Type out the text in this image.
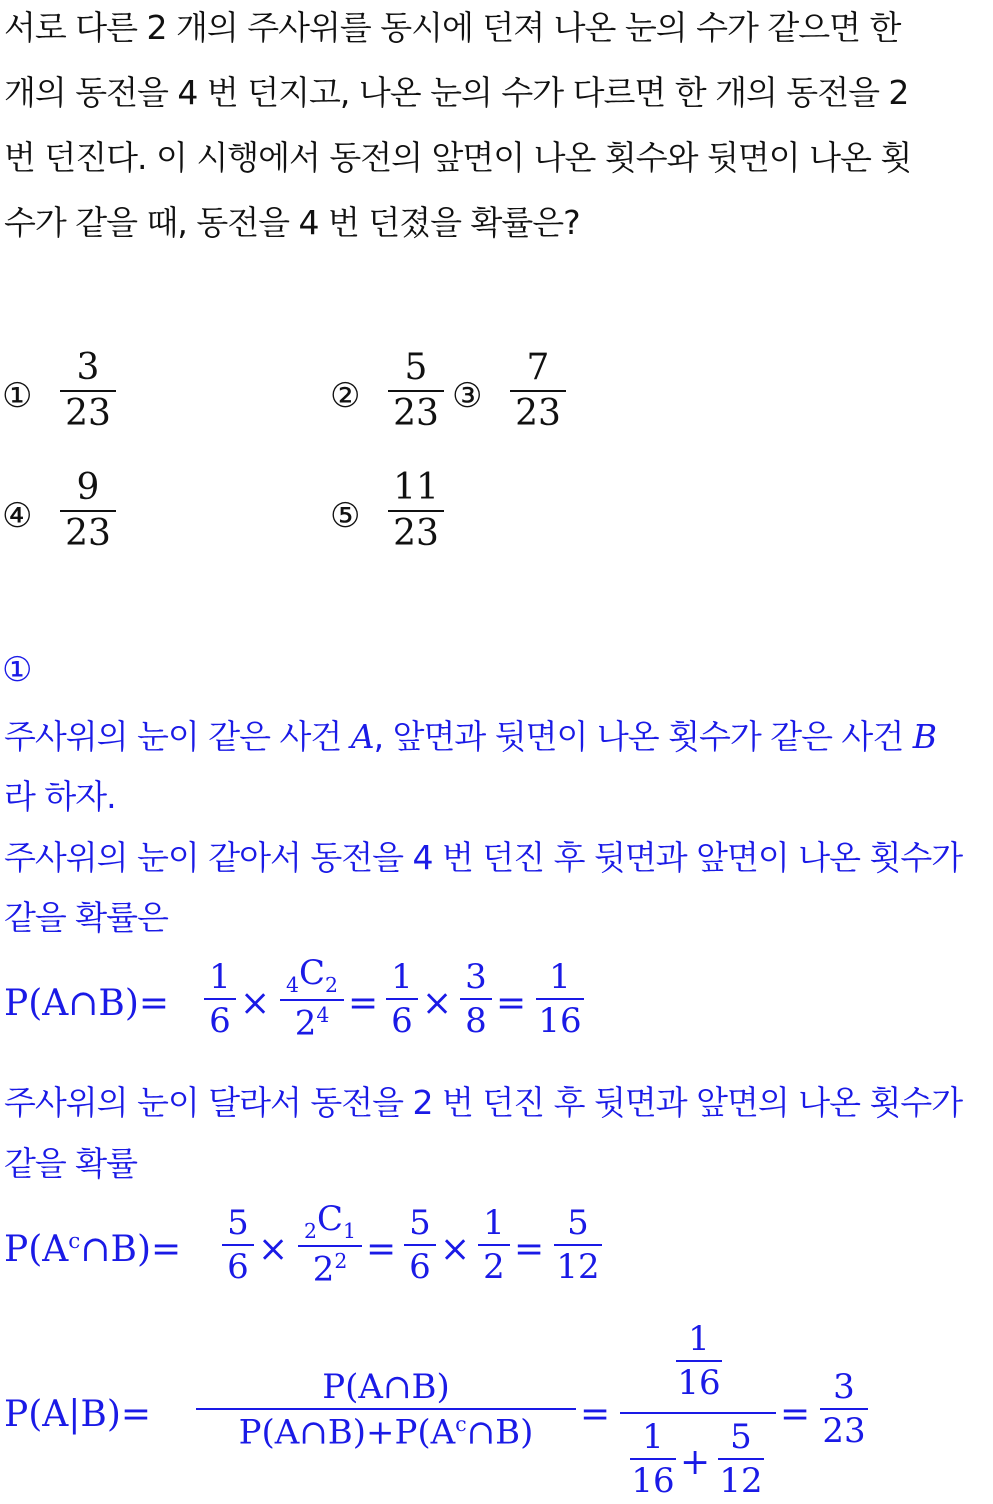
서로 다른 2 개의 주사위를 동시에 던져 나온 눈의 수가 같으면 한
개의 동전을 4 번 던지고, 나온 눈의 수가 다르면 한 개의 동전을 2
번 던진다. 이 시행에서 동전의 앞면이 나온 횟수와 뒷면이 나온 횟
수가 같을 때, 동전을 4 번 던졌을 확률은?
①
3
23	②
5
23 ③
7
23
④
9
23	⑤
11
23
①
주사위의 눈이 같은 사건 A, 앞면과 뒷면이 나온 횟수가 같은 사건 B
라 하자.
주사위의 눈이 같아서 동전을 4 번 던진 후 뒷면과 앞면이 나온 횟수가
같을 확률은
P(A∩B)=
1
$6 \times _4C_2$
$2^4$ =
1
6 ×
3
8 =
1
16
주사위의 눈이 달라서 동전을 2 번 던진 후 뒷면과 앞면의 나온 횟수가
같을 확률
$P(A^c\cap B)=$
5
$6 \times _2C_1$
$2^2$ =
5
6 ×
1
2 =
5
12
P(A|B)=
P(A∩B)
$P(A\cap B)+P(A^c\cap B)$	=
1
16
1
16 +
5
12
=
3
23
